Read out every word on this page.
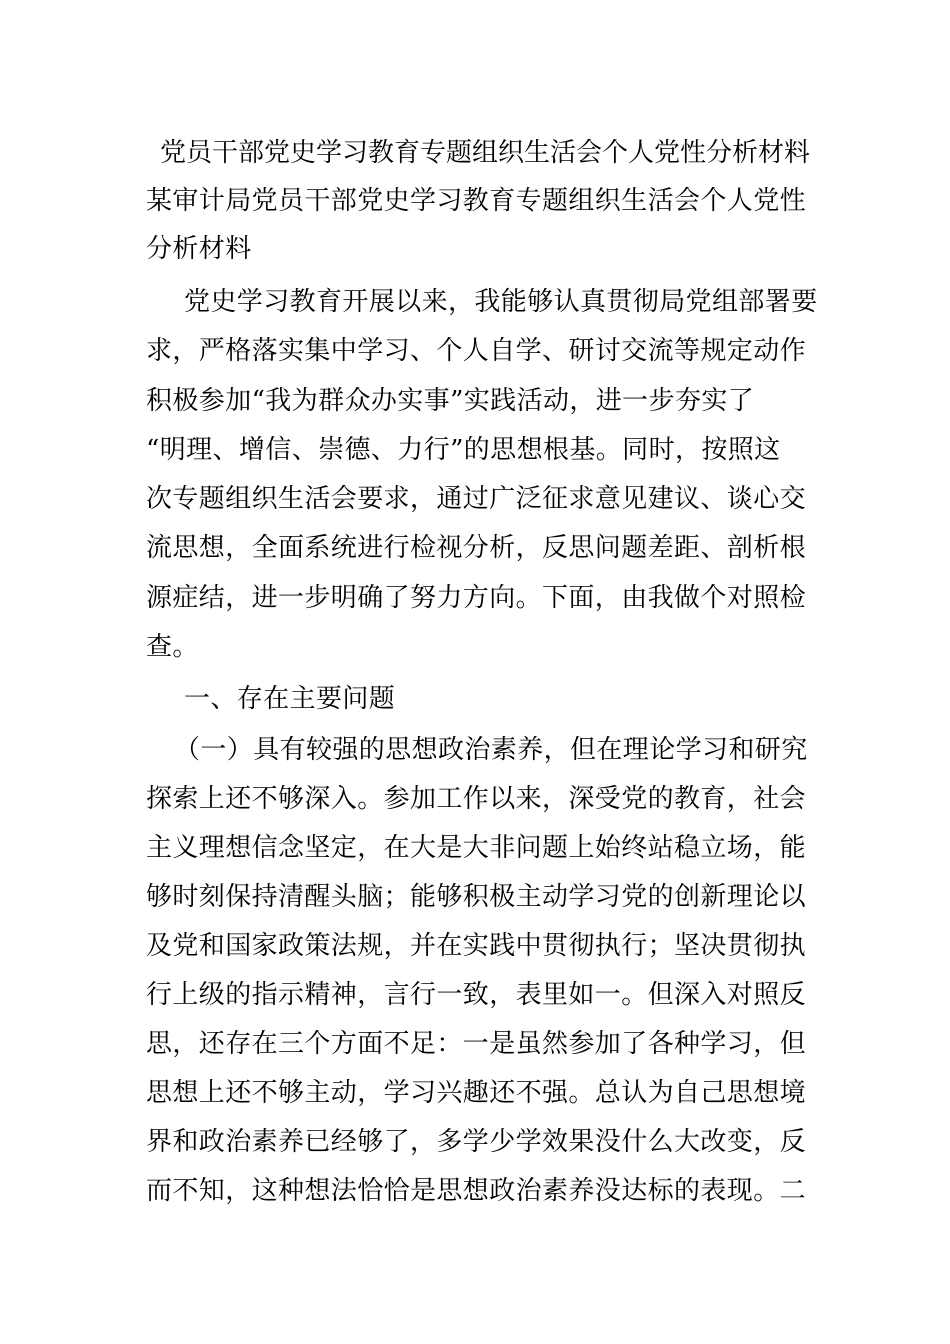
党员干部党史学习教育专题组织生活会个人党性分析材料
某审计局党员干部党史学习教育专题组织生活会个人党性
分析材料
党史学习教育开展以来，我能够认真贯彻局党组部署要
求，严格落实集中学习、个人自学、研讨交流等规定动作
积极参加“我为群众办实事”实践活动，进一步夯实了
“明理、增信、崇德、力行”的思想根基。同时，按照这
次专题组织生活会要求，通过广泛征求意见建议、谈心交
流思想，全面系统进行检视分析，反思问题差距、剖析根
源症结，进一步明确了努力方向。下面，由我做个对照检
查。
一、存在主要问题
（一）具有较强的思想政治素养，但在理论学习和研究
探索上还不够深入。参加工作以来，深受党的教育，社会
主义理想信念坚定，在大是大非问题上始终站稳立场，能
够时刻保持清醒头脑；能够积极主动学习党的创新理论以
及党和国家政策法规，并在实践中贯彻执行；坚决贯彻执
行上级的指示精神，言行一致，表里如一。但深入对照反
思，还存在三个方面不足：一是虽然参加了各种学习，但
思想上还不够主动，学习兴趣还不强。总认为自己思想境
界和政治素养已经够了，多学少学效果没什么大改变，反
而不知，这种想法恰恰是思想政治素养没达标的表现。二
